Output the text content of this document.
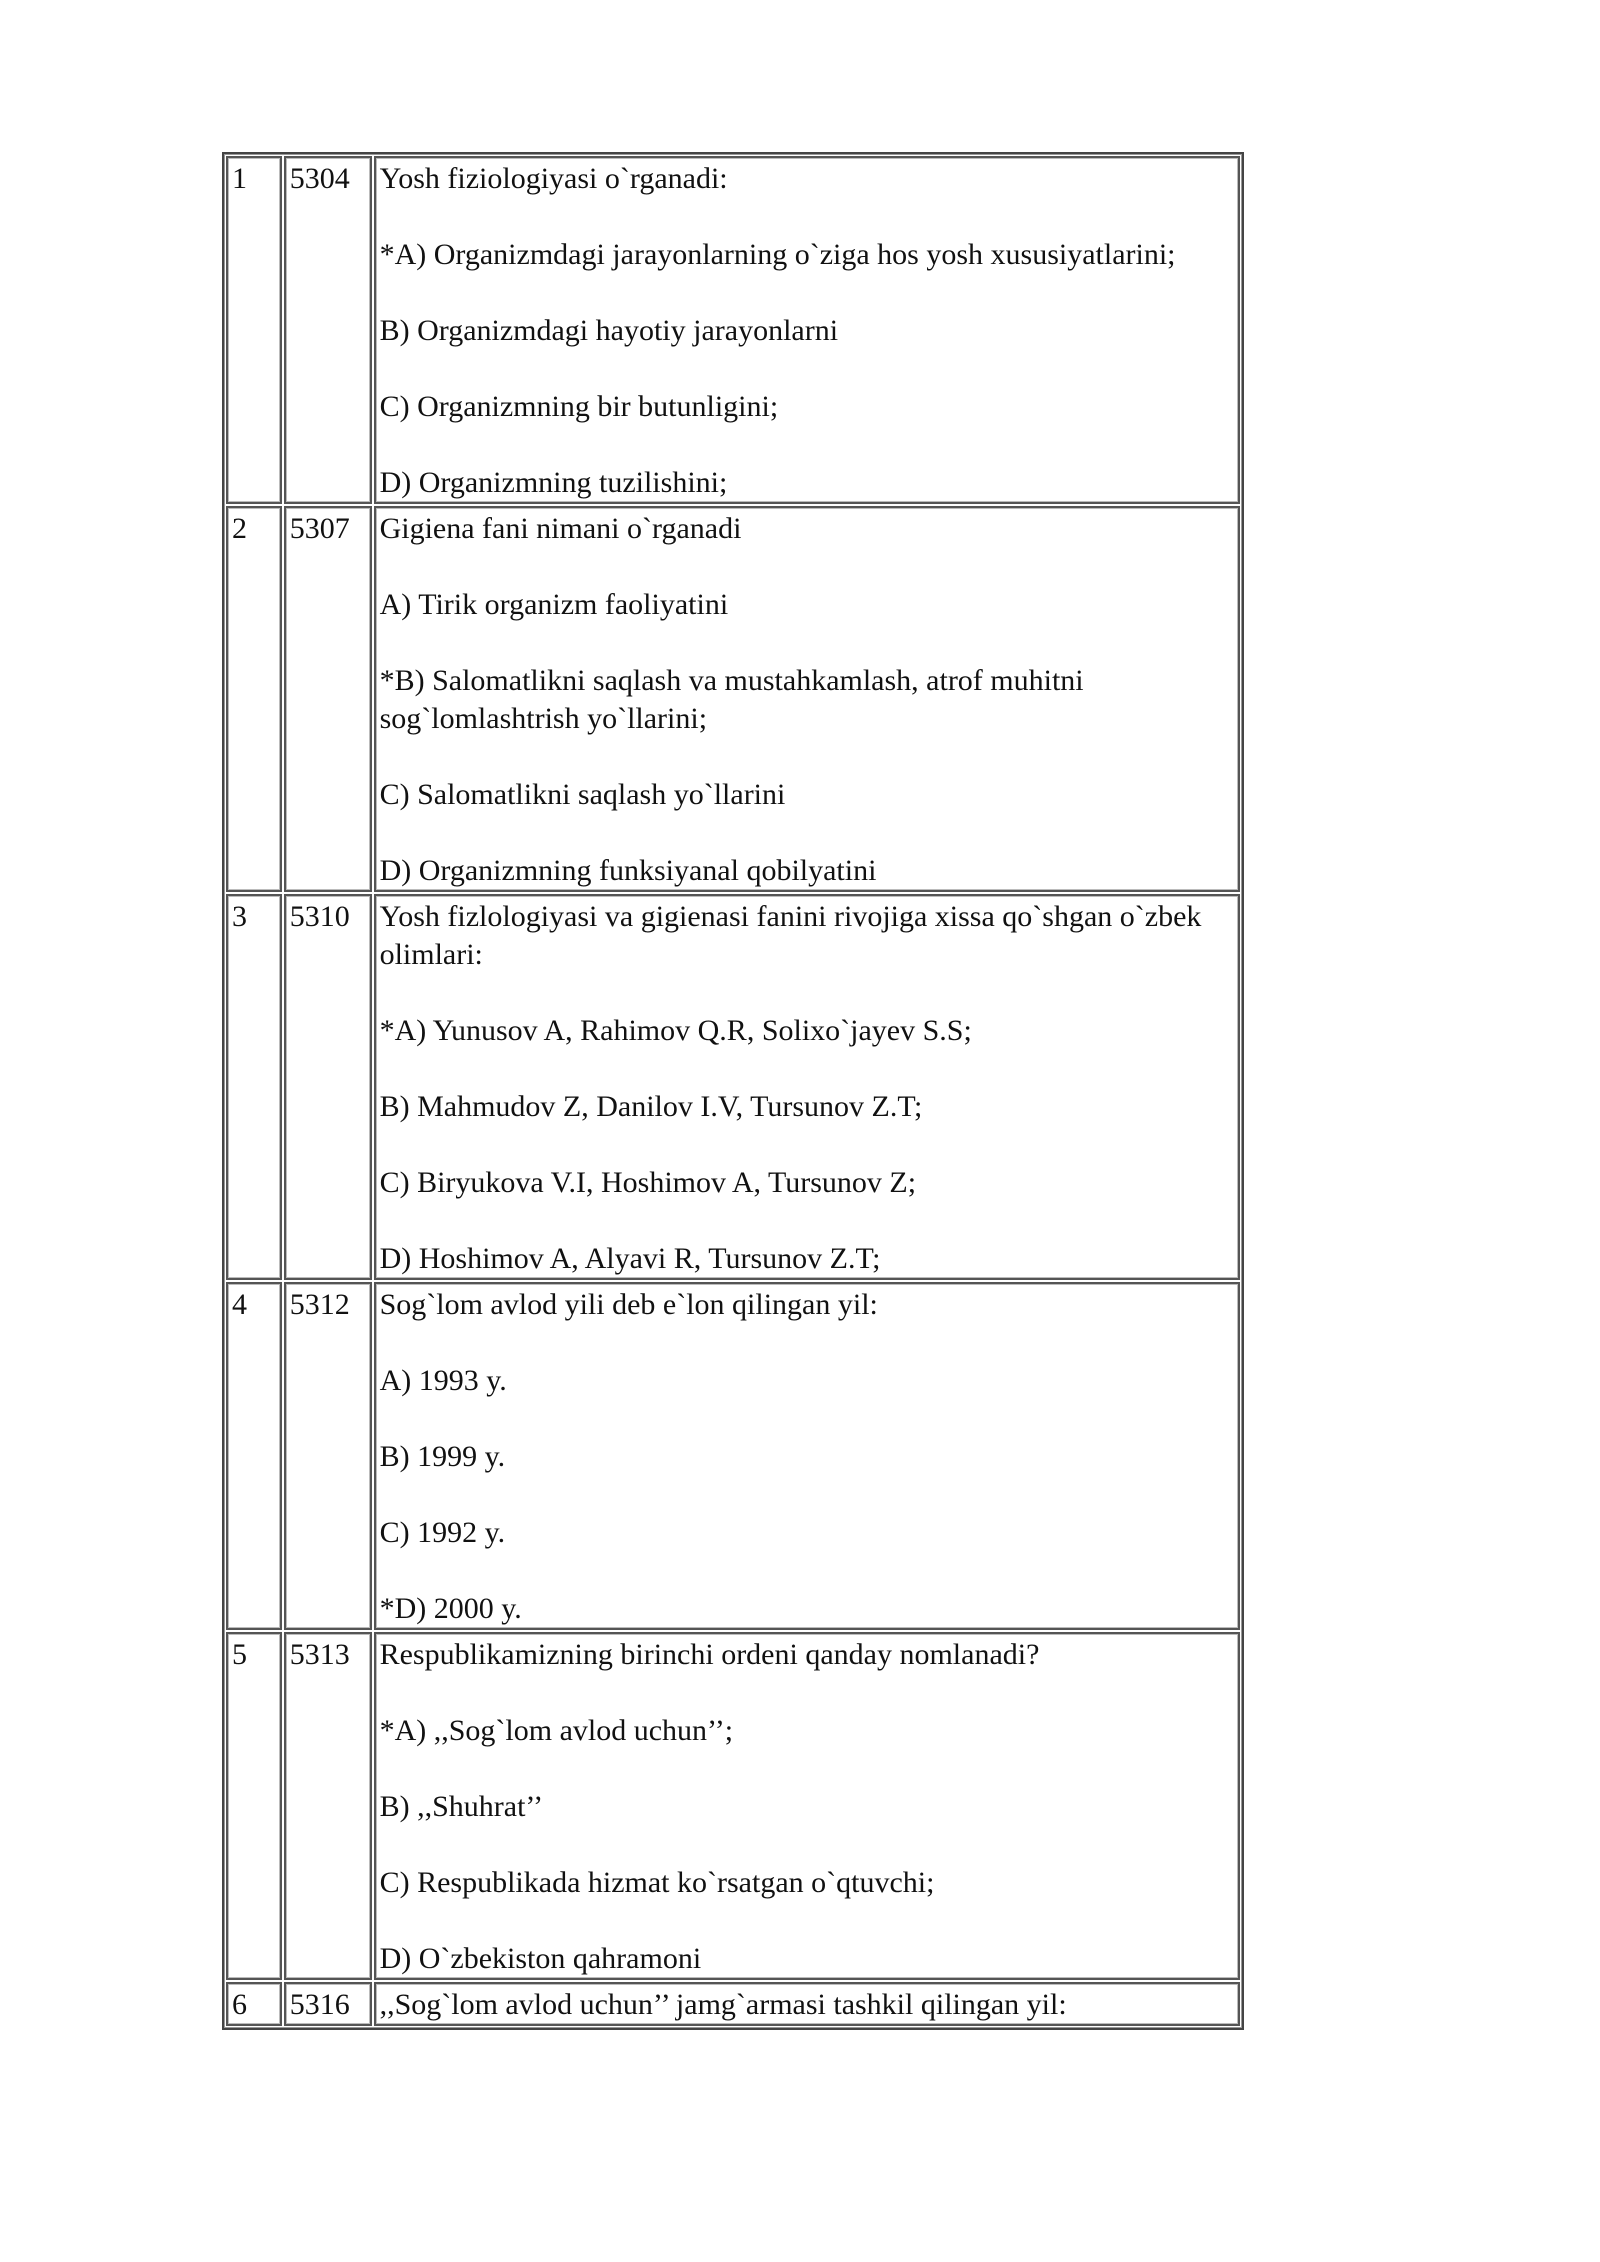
1	5304	Yosh fiziologiyasi o`rganadi:
*A) Organizmdagi jarayonlarning o`ziga hos yosh xususiyatlarini;
B) Organizmdagi hayotiy jarayonlarni
C) Organizmning bir butunligini;
D) Organizmning tuzilishini;

2	5307	Gigiena fani nimani o`rganadi
A) Tirik organizm faoliyatini
*B) Salomatlikni saqlash va mustahkamlash, atrof muhitni sog`lomlashtrish yo`llarini;
C) Salomatlikni saqlash yo`llarini
D) Organizmning funksiyanal qobilyatini

3	5310	Yosh fizlologiyasi va gigienasi fanini rivojiga xissa qo`shgan o`zbek olimlari:
*A) Yunusov A, Rahimov Q.R, Solixo`jayev S.S;
B) Mahmudov Z, Danilov I.V, Tursunov Z.T;
C) Biryukova V.I, Hoshimov A, Tursunov Z;
D) Hoshimov A, Alyavi R, Tursunov Z.T;

4	5312	Sog`lom avlod yili deb e`lon qilingan yil:
A) 1993 y.
B) 1999 y.
C) 1992 y.
*D) 2000 y.

5	5313	Respublikamizning birinchi ordeni qanday nomlanadi?
*A) ,,Sog`lom avlod uchun’’;
B) ,,Shuhrat’’
C) Respublikada hizmat ko`rsatgan o`qtuvchi;
D) O`zbekiston qahramoni

6	5316	,,Sog`lom avlod uchun’’ jamg`armasi tashkil qilingan yil:
